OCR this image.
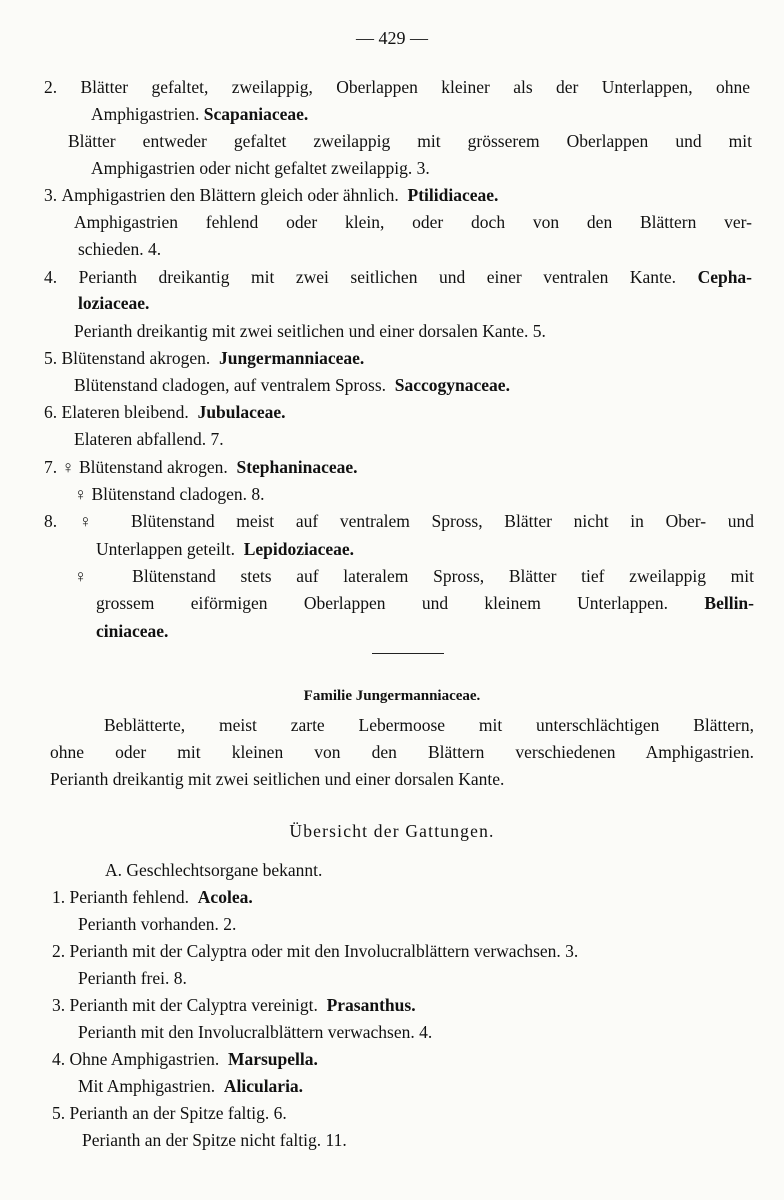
— 429 —
2. Blätter gefaltet, zweilappig, Oberlappen kleiner als der Unterlappen, ohne
Amphigastrien. Scapaniaceae.
Blätter entweder gefaltet zweilappig mit grösserem Oberlappen und mit
Amphigastrien oder nicht gefaltet zweilappig. 3.
3. Amphigastrien den Blättern gleich oder ähnlich. Ptilidiaceae.
Amphigastrien fehlend oder klein, oder doch von den Blättern ver-
schieden. 4.
4. Perianth dreikantig mit zwei seitlichen und einer ventralen Kante. Cepha-
loziaceae.
Perianth dreikantig mit zwei seitlichen und einer dorsalen Kante. 5.
5. Blütenstand akrogen. Jungermanniaceae.
Blütenstand cladogen, auf ventralem Spross. Saccogynaceae.
6. Elateren bleibend. Jubulaceae.
Elateren abfallend. 7.
7. ♀ Blütenstand akrogen. Stephaninaceae.
♀ Blütenstand cladogen. 8.
8. ♀ Blütenstand meist auf ventralem Spross, Blätter nicht in Ober- und
Unterlappen geteilt. Lepidoziaceae.
♀ Blütenstand stets auf lateralem Spross, Blätter tief zweilappig mit
grossem eiförmigen Oberlappen und kleinem Unterlappen. Bellin-
ciniaceae.
Familie Jungermanniaceae.
Beblätterte, meist zarte Lebermoose mit unterschlächtigen Blättern,
ohne oder mit kleinen von den Blättern verschiedenen Amphigastrien.
Perianth dreikantig mit zwei seitlichen und einer dorsalen Kante.
Übersicht der Gattungen.
A. Geschlechtsorgane bekannt.
1. Perianth fehlend. Acolea.
Perianth vorhanden. 2.
2. Perianth mit der Calyptra oder mit den Involucralblättern verwachsen. 3.
Perianth frei. 8.
3. Perianth mit der Calyptra vereinigt. Prasanthus.
Perianth mit den Involucralblättern verwachsen. 4.
4. Ohne Amphigastrien. Marsupella.
Mit Amphigastrien. Alicularia.
5. Perianth an der Spitze faltig. 6.
Perianth an der Spitze nicht faltig. 11.
